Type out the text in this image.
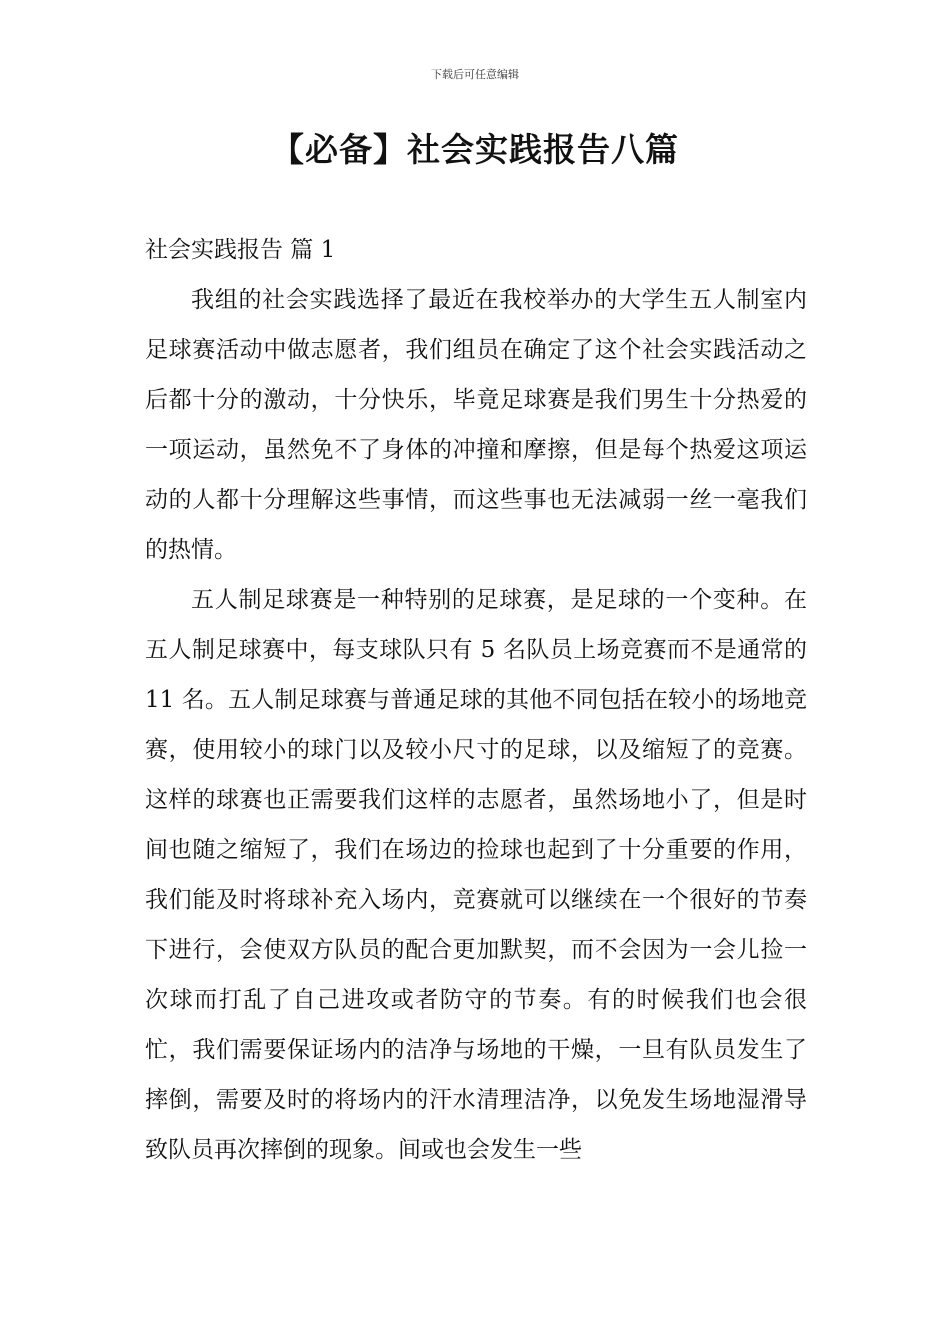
下载后可任意编辑
【必备】社会实践报告八篇

社会实践报告 篇 1

我组的社会实践选择了最近在我校举办的大学生五人制室内足球赛活动中做志愿者，我们组员在确定了这个社会实践活动之后都十分的激动，十分快乐，毕竟足球赛是我们男生十分热爱的一项运动，虽然免不了身体的冲撞和摩擦，但是每个热爱这项运动的人都十分理解这些事情，而这些事也无法减弱一丝一毫我们的热情。

五人制足球赛是一种特别的足球赛，是足球的一个变种。在五人制足球赛中，每支球队只有 5 名队员上场竞赛而不是通常的 11 名。五人制足球赛与普通足球的其他不同包括在较小的场地竞赛，使用较小的球门以及较小尺寸的足球，以及缩短了的竞赛。这样的球赛也正需要我们这样的志愿者，虽然场地小了，但是时间也随之缩短了，我们在场边的捡球也起到了十分重要的作用，我们能及时将球补充入场内，竞赛就可以继续在一个很好的节奏下进行，会使双方队员的配合更加默契，而不会因为一会儿捡一次球而打乱了自己进攻或者防守的节奏。有的时候我们也会很忙，我们需要保证场内的洁净与场地的干燥，一旦有队员发生了摔倒，需要及时的将场内的汗水清理洁净，以免发生场地湿滑导致队员再次摔倒的现象。间或也会发生一些
